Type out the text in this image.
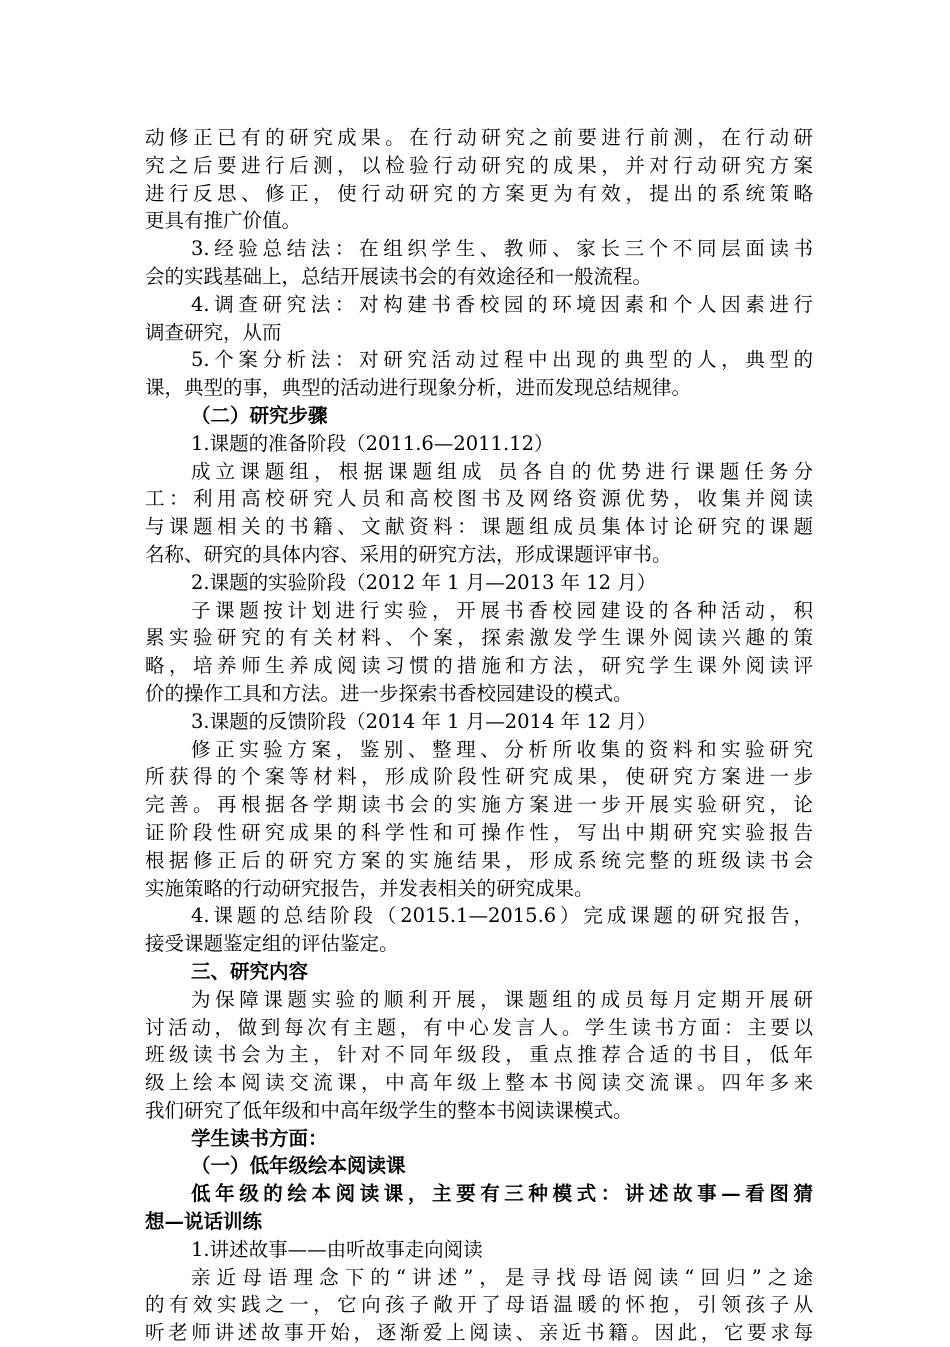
动修正已有的研究成果。在行动研究之前要进行前测，在行动研
究之后要进行后测，以检验行动研究的成果，并对行动研究方案
进行反思、修正，使行动研究的方案更为有效，提出的系统策略
更具有推广价值。
3.经验总结法：在组织学生、教师、家长三个不同层面读书
会的实践基础上，总结开展读书会的有效途径和一般流程。
4.调查研究法：对构建书香校园的环境因素和个人因素进行
调查研究，从而
5.个案分析法：对研究活动过程中出现的典型的人，典型的
课，典型的事，典型的活动进行现象分析，进而发现总结规律。
（二）研究步骤
1.课题的准备阶段（2011.6—2011.12）
成立课题组，根据课题组成 员各自的优势进行课题任务分
工：利用高校研究人员和高校图书及网络资源优势，收集并阅读
与课题相关的书籍、文献资料：课题组成员集体讨论研究的课题
名称、研究的具体内容、采用的研究方法，形成课题评审书。
2.课题的实验阶段（2012 年 1 月—2013 年 12 月）
子课题按计划进行实验，开展书香校园建设的各种活动，积
累实验研究的有关材料、个案，探索激发学生课外阅读兴趣的策
略，培养师生养成阅读习惯的措施和方法，研究学生课外阅读评
价的操作工具和方法。进一步探索书香校园建设的模式。
3.课题的反馈阶段（2014 年 1 月—2014 年 12 月）
修正实验方案，鉴别、整理、分析所收集的资料和实验研究
所获得的个案等材料，形成阶段性研究成果，使研究方案进一步
完善。再根据各学期读书会的实施方案进一步开展实验研究，论
证阶段性研究成果的科学性和可操作性，写出中期研究实验报告
根据修正后的研究方案的实施结果，形成系统完整的班级读书会
实施策略的行动研究报告，并发表相关的研究成果。
4.课题的总结阶段（2015.1—2015.6）完成课题的研究报告，
接受课题鉴定组的评估鉴定。
三、研究内容
为保障课题实验的顺利开展，课题组的成员每月定期开展研
讨活动，做到每次有主题，有中心发言人。学生读书方面：主要以
班级读书会为主，针对不同年级段，重点推荐合适的书目，低年
级上绘本阅读交流课，中高年级上整本书阅读交流课。四年多来
我们研究了低年级和中高年级学生的整本书阅读课模式。
学生读书方面：
（一）低年级绘本阅读课
低年级的绘本阅读课，主要有三种模式：讲述故事—看图猜
想—说话训练
1.讲述故事——由听故事走向阅读
亲近母语理念下的“讲述”，是寻找母语阅读“回归”之途
的有效实践之一，它向孩子敞开了母语温暖的怀抱，引领孩子从
听老师讲述故事开始，逐渐爱上阅读、亲近书籍。因此，它要求每
